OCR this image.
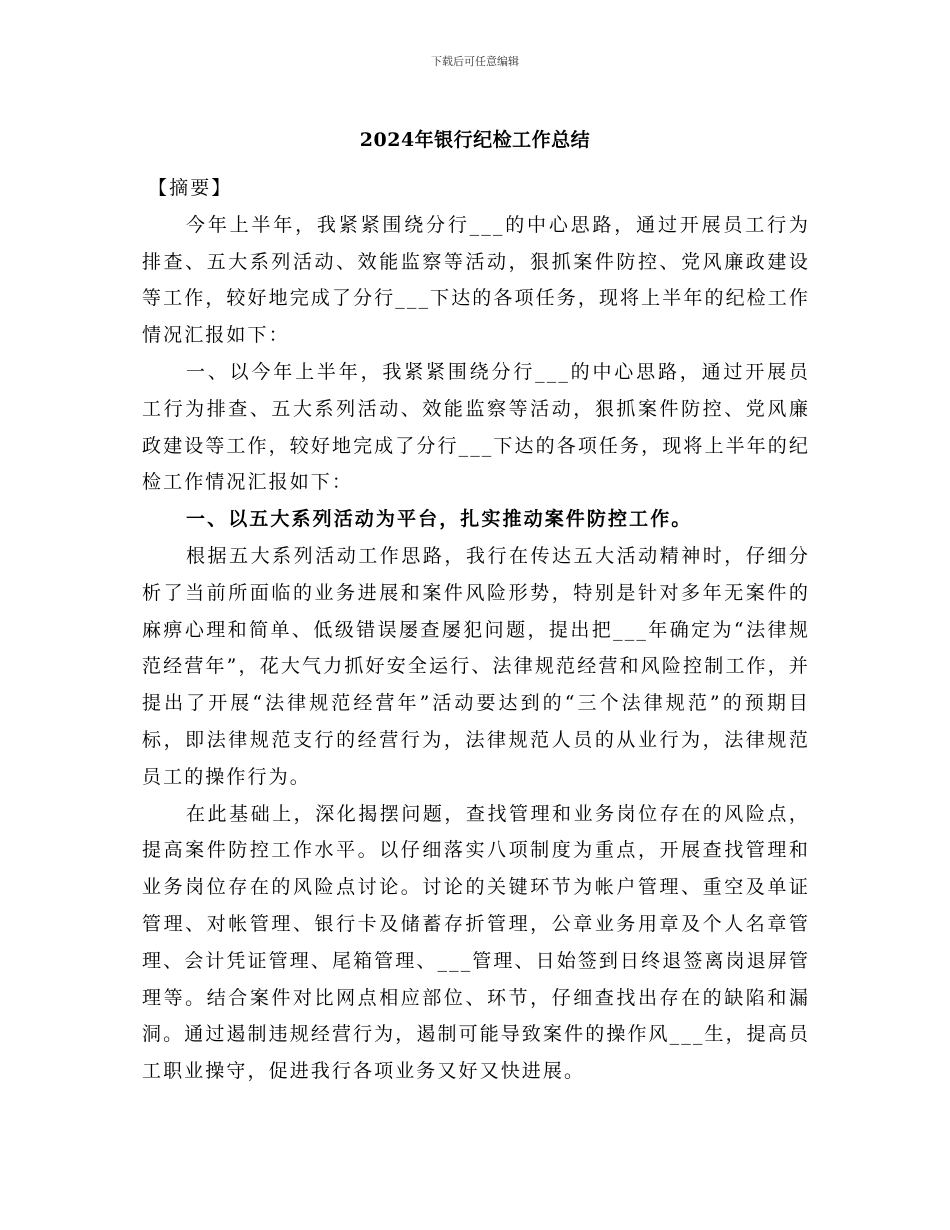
下载后可任意编辑
2024年银行纪检工作总结

【摘要】

今年上半年，我紧紧围绕分行___的中心思路，通过开展员工行为排查、五大系列活动、效能监察等活动，狠抓案件防控、党风廉政建设等工作，较好地完成了分行___下达的各项任务，现将上半年的纪检工作情况汇报如下：

一、以今年上半年，我紧紧围绕分行___的中心思路，通过开展员工行为排查、五大系列活动、效能监察等活动，狠抓案件防控、党风廉政建设等工作，较好地完成了分行___下达的各项任务，现将上半年的纪检工作情况汇报如下：

一、以五大系列活动为平台，扎实推动案件防控工作。

根据五大系列活动工作思路，我行在传达五大活动精神时，仔细分析了当前所面临的业务进展和案件风险形势，特别是针对多年无案件的麻痹心理和简单、低级错误屡查屡犯问题，提出把___年确定为“法律规范经营年”，花大气力抓好安全运行、法律规范经营和风险控制工作，并提出了开展“法律规范经营年”活动要达到的“三个法律规范”的预期目标，即法律规范支行的经营行为，法律规范人员的从业行为，法律规范员工的操作行为。

在此基础上，深化揭摆问题，查找管理和业务岗位存在的风险点，提高案件防控工作水平。以仔细落实八项制度为重点，开展查找管理和业务岗位存在的风险点讨论。讨论的关键环节为帐户管理、重空及单证管理、对帐管理、银行卡及储蓄存折管理，公章业务用章及个人名章管理、会计凭证管理、尾箱管理、___管理、日始签到日终退签离岗退屏管理等。结合案件对比网点相应部位、环节，仔细查找出存在的缺陷和漏洞。通过遏制违规经营行为，遏制可能导致案件的操作风___生，提高员工职业操守，促进我行各项业务又好又快进展。
